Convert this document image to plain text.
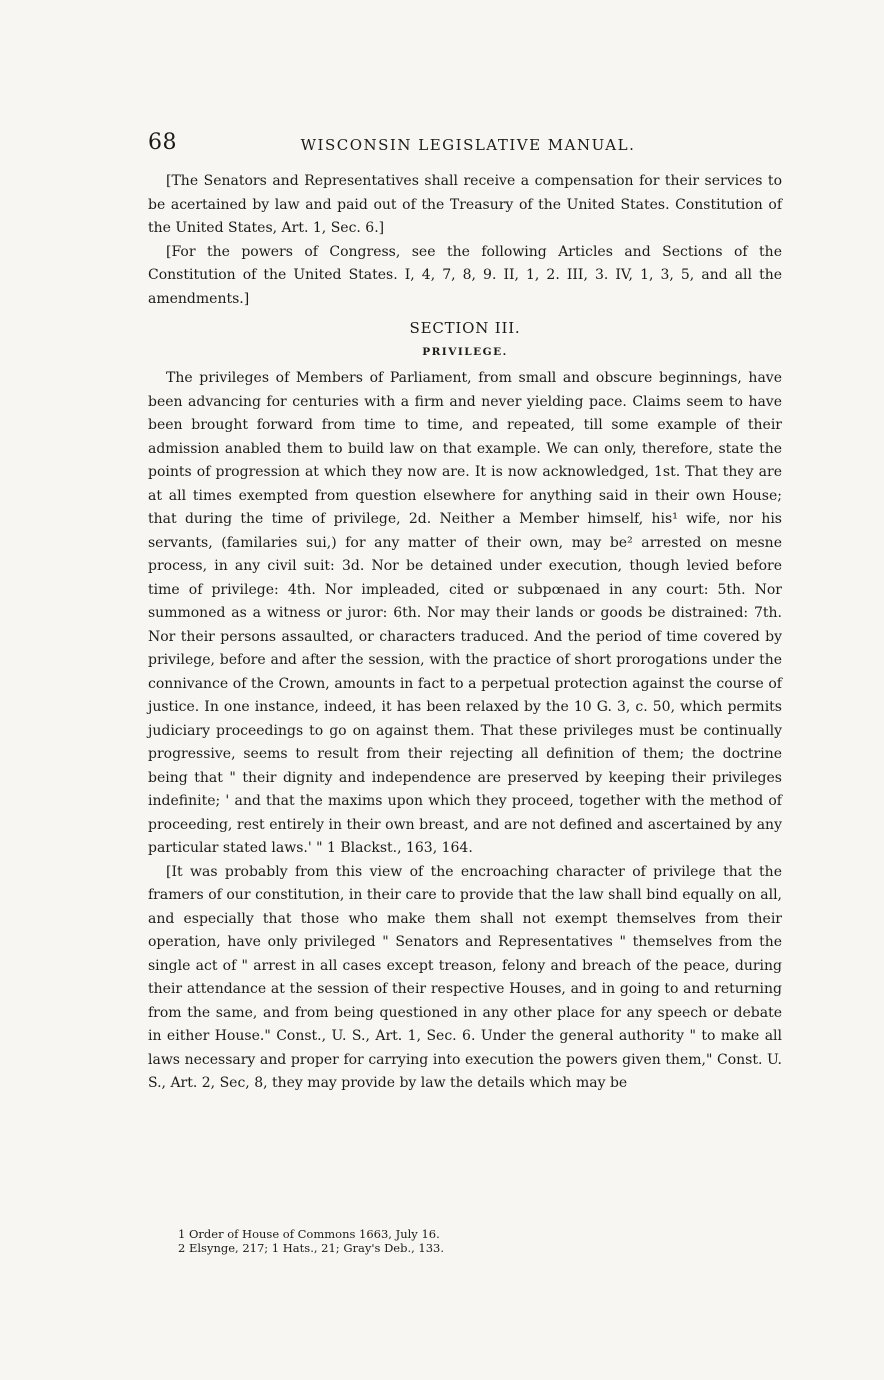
68	WISCONSIN LEGISLATIVE MANUAL.

[The Senators and Representatives shall receive a compensation for their services to be acertained by law and paid out of the Treasury of the United States. Constitution of the United States, Art. 1, Sec. 6.]

[For the powers of Congress, see the following Articles and Sections of the Constitution of the United States. I, 4, 7, 8, 9. II, 1, 2. III, 3. IV, 1, 3, 5, and all the amendments.]

SECTION III.
PRIVILEGE.

The privileges of Members of Parliament, from small and obscure beginnings, have been advancing for centuries with a firm and never yielding pace. Claims seem to have been brought forward from time to time, and repeated, till some example of their admission anabled them to build law on that example. We can only, therefore, state the points of progression at which they now are. It is now acknowledged, 1st. That they are at all times exempted from question elsewhere for anything said in their own House; that during the time of privilege, 2d. Neither a Member himself, his¹ wife, nor his servants, (familaries sui,) for any matter of their own, may be² arrested on mesne process, in any civil suit: 3d. Nor be detained under execution, though levied before time of privilege: 4th. Nor impleaded, cited or subpœnaed in any court: 5th. Nor summoned as a witness or juror: 6th. Nor may their lands or goods be distrained: 7th. Nor their persons assaulted, or characters traduced. And the period of time covered by privilege, before and after the session, with the practice of short prorogations under the connivance of the Crown, amounts in fact to a perpetual protection against the course of justice. In one instance, indeed, it has been relaxed by the 10 G. 3, c. 50, which permits judiciary proceedings to go on against them. That these privileges must be continually progressive, seems to result from their rejecting all definition of them; the doctrine being that " their dignity and independence are preserved by keeping their privileges indefinite; ' and that the maxims upon which they proceed, together with the method of proceeding, rest entirely in their own breast, and are not defined and ascertained by any particular stated laws.' " 1 Blackst., 163, 164.

[It was probably from this view of the encroaching character of privilege that the framers of our constitution, in their care to provide that the law shall bind equally on all, and especially that those who make them shall not exempt themselves from their operation, have only privileged " Senators and Representatives " themselves from the single act of " arrest in all cases except treason, felony and breach of the peace, during their attendance at the session of their respective Houses, and in going to and returning from the same, and from being questioned in any other place for any speech or debate in either House." Const., U. S., Art. 1, Sec. 6. Under the general authority " to make all laws necessary and proper for carrying into execution the powers given them," Const. U. S., Art. 2, Sec, 8, they may provide by law the details which may be

1 Order of House of Commons 1663, July 16.
2 Elsynge, 217; 1 Hats., 21; Gray's Deb., 133.
